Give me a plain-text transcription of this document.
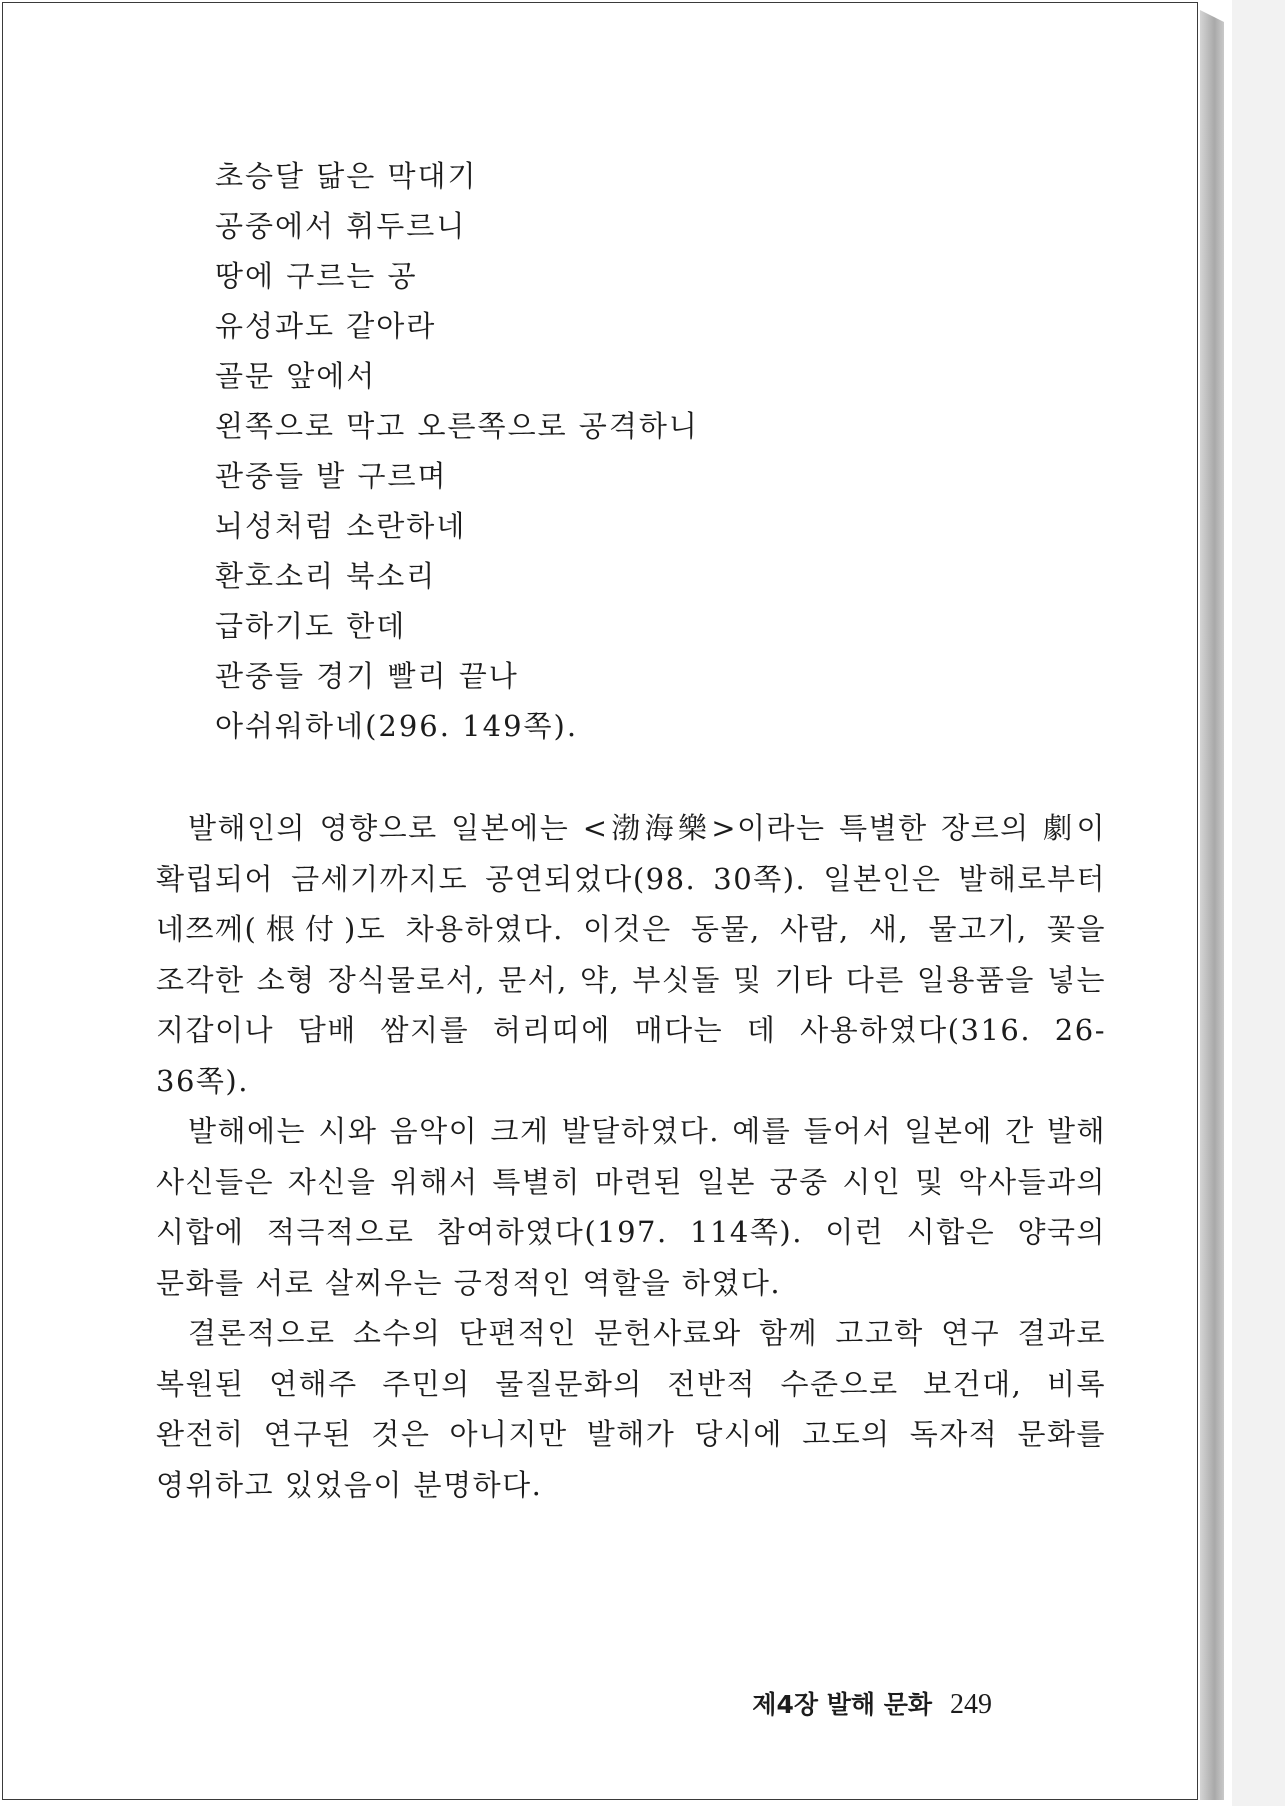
초승달 닮은 막대기
공중에서 휘두르니
땅에 구르는 공
유성과도 같아라
골문 앞에서
왼쪽으로 막고 오른쪽으로 공격하니
관중들 발 구르며
뇌성처럼 소란하네
환호소리 북소리
급하기도 한데
관중들 경기 빨리 끝나
아쉬워하네(296. 149쪽).

발해인의 영향으로 일본에는 <渤海樂>이라는 특별한 장르의 劇이 확립되어 금세기까지도 공연되었다(98. 30쪽). 일본인은 발해로부터 네쯔께(根付)도 차용하였다. 이것은 동물, 사람, 새, 물고기, 꽃을 조각한 소형 장식물로서, 문서, 약, 부싯돌 및 기타 다른 일용품을 넣는 지갑이나 담배 쌈지를 허리띠에 매다는 데 사용하였다(316. 26-36쪽).

발해에는 시와 음악이 크게 발달하였다. 예를 들어서 일본에 간 발해 사신들은 자신을 위해서 특별히 마련된 일본 궁중 시인 및 악사들과의 시합에 적극적으로 참여하였다(197. 114쪽). 이런 시합은 양국의 문화를 서로 살찌우는 긍정적인 역할을 하였다.

결론적으로 소수의 단편적인 문헌사료와 함께 고고학 연구 결과로 복원된 연해주 주민의 물질문화의 전반적 수준으로 보건대, 비록 완전히 연구된 것은 아니지만 발해가 당시에 고도의 독자적 문화를 영위하고 있었음이 분명하다.

제4장 발해 문화 249
